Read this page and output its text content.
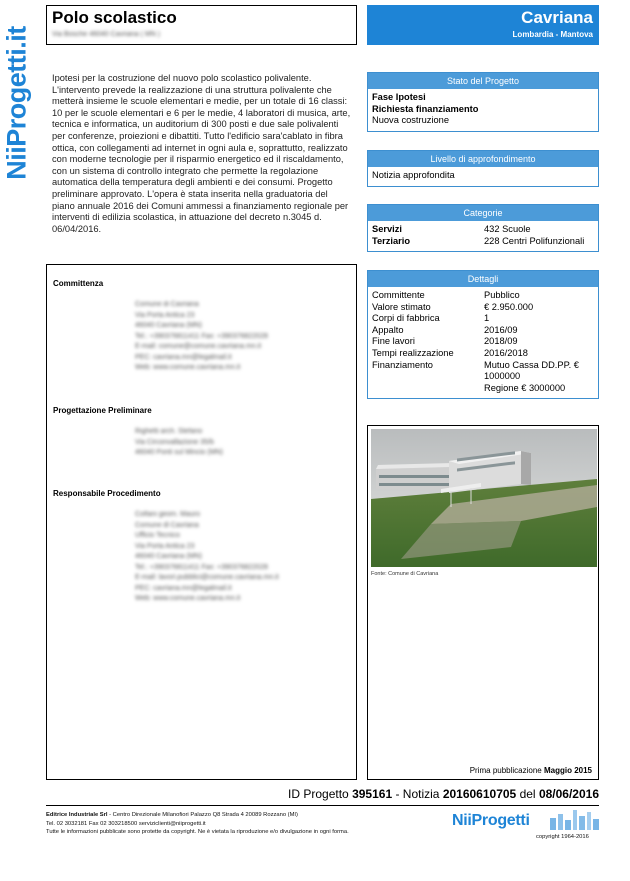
NiiProgetti.it
Polo scolastico
Via Bosche 46040 Cavriana ( MN )
Cavriana
Lombardia - Mantova
Ipotesi per la costruzione del nuovo polo scolastico polivalente. L'intervento prevede la realizzazione di una struttura polivalente che metterà insieme le scuole elementari e medie, per un totale di 16 classi: 10 per le scuole elementari e 6 per le medie, 4 laboratori di musica, arte, tecnica e informatica, un auditorium di 300 posti e due sale polivalenti per conferenze, proiezioni e dibattiti. Tutto l'edificio sara'cablato in fibra ottica, con collegamenti ad internet in ogni aula e, soprattutto, realizzato con moderne tecnologie per il risparmio energetico ed il riscaldamento, con un sistema di controllo integrato che permette la regolazione automatica della temperatura degli ambienti e dei consumi. Progetto preliminare approvato. L'opera è stata inserita nella graduatoria del piano annuale 2016 dei Comuni ammessi a finanziamento regionale per interventi di edilizia scolastica, in attuazione del decreto n.3045 d. 06/04/2016.
Committenza
Comune di Cavriana
Via Porta Antica 23
46040 Cavriana (MN)
Tel.: +390376811411 Fax: +390376822028
E-mail: comune@comune.cavriana.mn.it
PEC: cavriana.mn@legalmail.it
Web: www.comune.cavriana.mn.it
Progettazione Preliminare
Righetti arch. Stefano
Via Circonvallazione 35/b
46040 Ponti sul Mincio (MN)
Responsabile Procedimento
Colfani geom. Mauro
Comune di Cavriana
Ufficio Tecnico
Via Porta Antica 23
46040 Cavriana (MN)
Tel.: +390376811411 Fax: +390376822028
E-mail: lavori.pubblici@comune.cavriana.mn.it
PEC: cavriana.mn@legalmail.it
Web: www.comune.cavriana.mn.it
Stato del Progetto
Fase Ipotesi
Richiesta finanziamento
Nuova costruzione
Livello di approfondimento
Notizia approfondita
Categorie
Servizi	432 Scuole
Terziario	228 Centri Polifunzionali
Dettagli
Committente	Pubblico
Valore stimato	€ 2.950.000
Corpi di fabbrica	1
Appalto	2016/09
Fine lavori	2018/09
Tempi realizzazione	2016/2018
Finanziamento	Mutuo Cassa DD.PP. € 1000000
Regione € 3000000
Fonte: Comune di Cavriana
Prima pubblicazione Maggio 2015
ID Progetto 395161 - Notizia 20160610705 del 08/06/2016
Editrice Industriale Srl - Centro Direzionale Milanofiori Palazzo Q8 Strada 4 20089 Rozzano (MI)
Tel. 02 3032181 Fax 02 303218500 serviziclienti@niiprogetti.it
Tutte le informazioni pubblicate sono protette da copyright. Ne è vietata la riproduzione e/o divulgazione in ogni forma.
NiiProgetti
copyright 1964-2016
